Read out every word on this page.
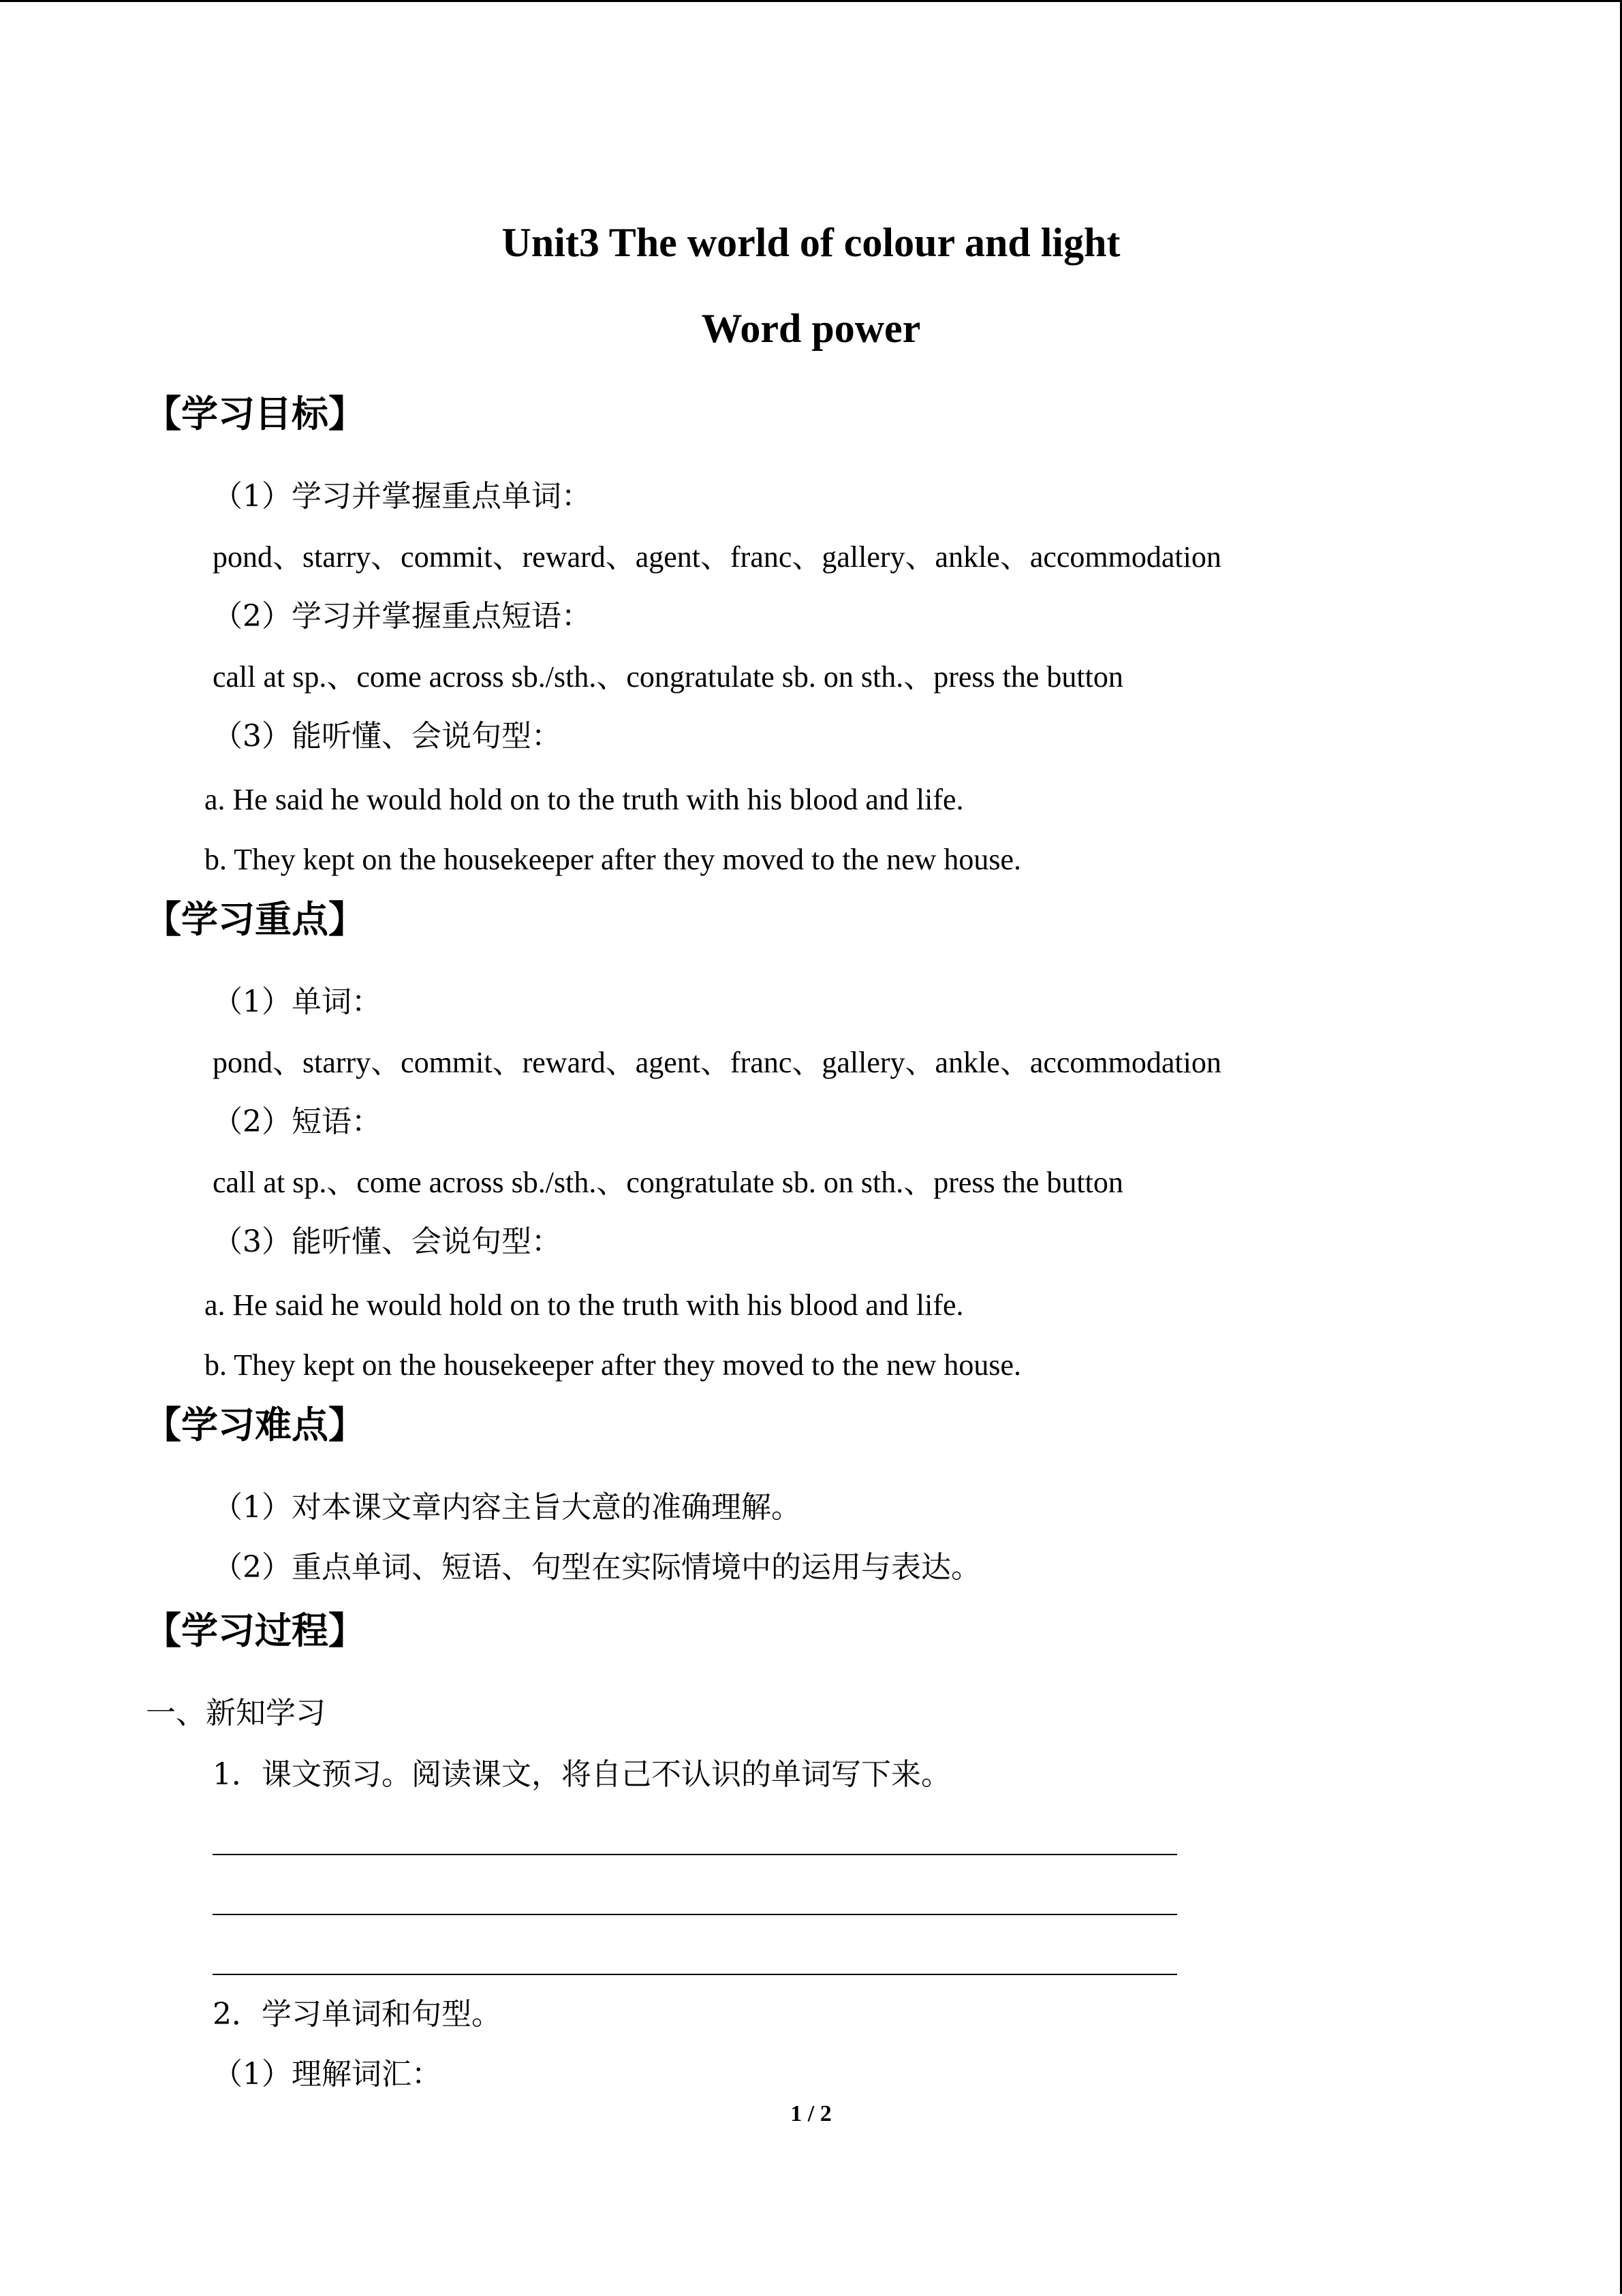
Unit3 The world of colour and light
Word power
【学习目标】
（1）学习并掌握重点单词：
pond、starry、commit、reward、agent、franc、gallery、ankle、accommodation
（2）学习并掌握重点短语：
call at sp.、come across sb./sth.、congratulate sb. on sth.、press the button
（3）能听懂、会说句型：
a. He said he would hold on to the truth with his blood and life.
b. They kept on the housekeeper after they moved to the new house.
【学习重点】
（1）单词：
pond、starry、commit、reward、agent、franc、gallery、ankle、accommodation
（2）短语：
call at sp.、come across sb./sth.、congratulate sb. on sth.、press the button
（3）能听懂、会说句型：
a. He said he would hold on to the truth with his blood and life.
b. They kept on the housekeeper after they moved to the new house.
【学习难点】
（1）对本课文章内容主旨大意的准确理解。
（2）重点单词、短语、句型在实际情境中的运用与表达。
【学习过程】
一、新知学习
1．课文预习。阅读课文，将自己不认识的单词写下来。
2．学习单词和句型。
（1）理解词汇：
1 / 2
